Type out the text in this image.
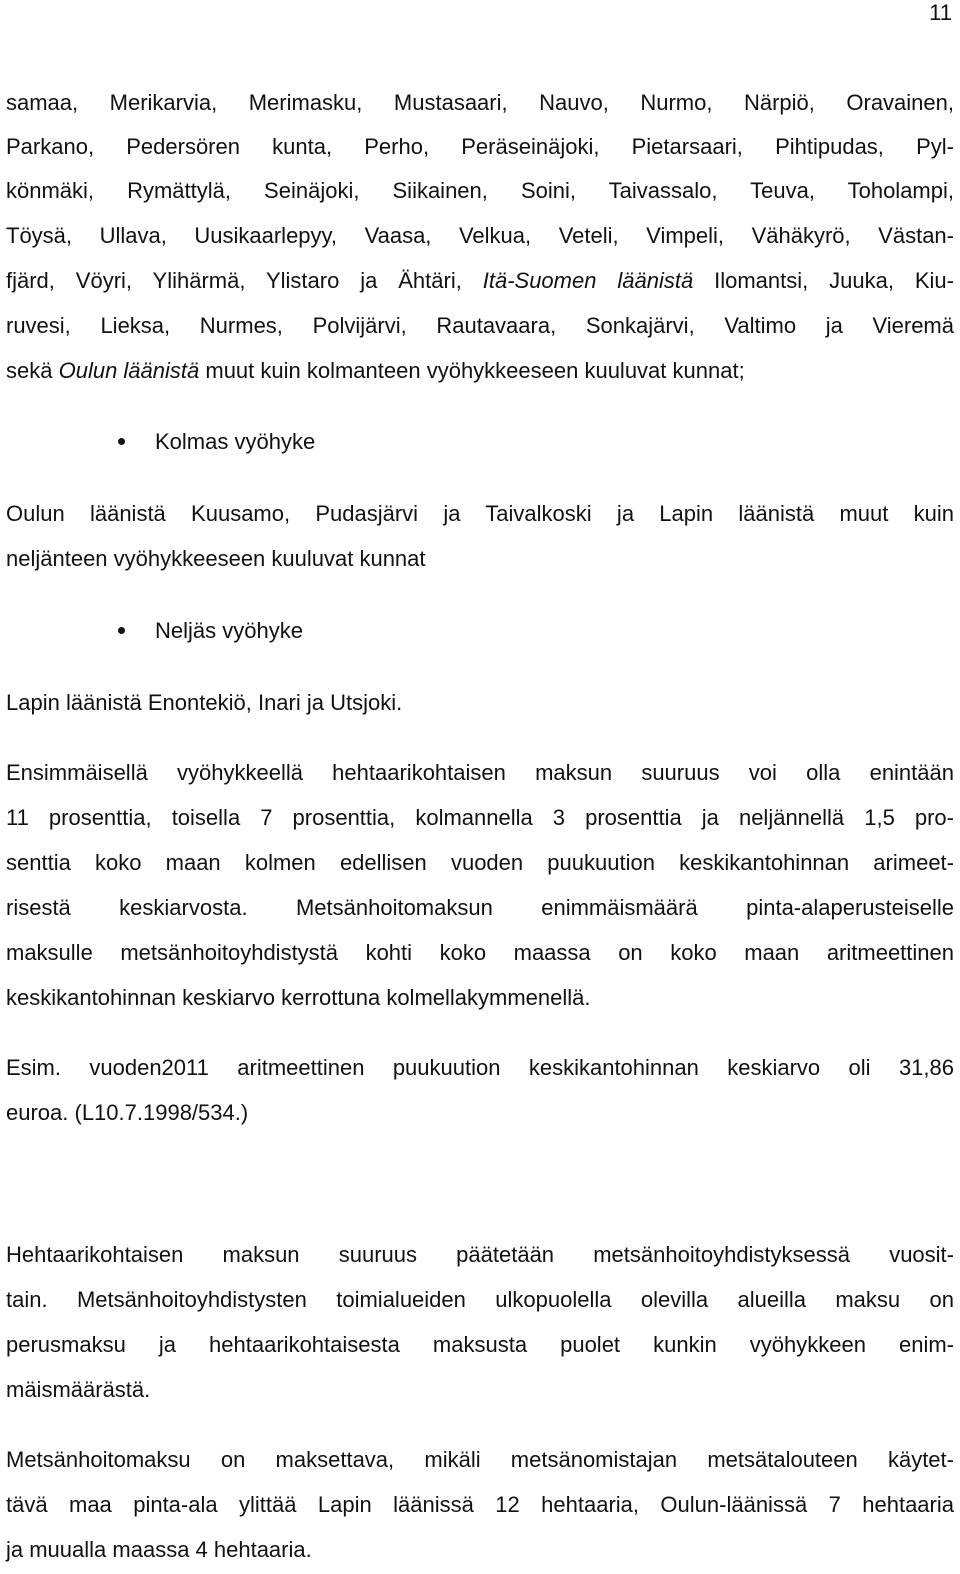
11
samaa, Merikarvia, Merimasku, Mustasaari, Nauvo, Nurmo, Närpiö, Oravainen,
Parkano, Pedersören kunta, Perho, Peräseinäjoki, Pietarsaari, Pihtipudas, Pyl-
könmäki, Rymättylä, Seinäjoki, Siikainen, Soini, Taivassalo, Teuva, Toholampi,
Töysä, Ullava, Uusikaarlepyy, Vaasa, Velkua, Veteli, Vimpeli, Vähäkyrö, Västan-
fjärd, Vöyri, Ylihärmä, Ylistaro ja Ähtäri, Itä-Suomen läänistä Ilomantsi, Juuka, Kiu-
ruvesi, Lieksa, Nurmes, Polvijärvi, Rautavaara, Sonkajärvi, Valtimo ja Vieremä
sekä Oulun läänistä muut kuin kolmanteen vyöhykkeeseen kuuluvat kunnat;
Kolmas vyöhyke
Oulun läänistä Kuusamo, Pudasjärvi ja Taivalkoski ja Lapin läänistä muut kuin
neljänteen vyöhykkeeseen kuuluvat kunnat
Neljäs vyöhyke
Lapin läänistä Enontekiö, Inari ja Utsjoki.
Ensimmäisellä vyöhykkeellä hehtaarikohtaisen maksun suuruus voi olla enintään
11 prosenttia, toisella 7 prosenttia, kolmannella 3 prosenttia ja neljännellä 1,5 pro-
senttia koko maan kolmen edellisen vuoden puukuution keskikantohinnan arimeet-
risestä keskiarvosta. Metsänhoitomaksun enimmäismäärä pinta-alaperusteiselle
maksulle metsänhoitoyhdistystä kohti koko maassa on koko maan aritmeettinen
keskikantohinnan keskiarvo kerrottuna kolmellakymmenellä.
Esim. vuoden2011 aritmeettinen puukuution keskikantohinnan keskiarvo oli 31,86
euroa. (L10.7.1998/534.)
Hehtaarikohtaisen maksun suuruus päätetään metsänhoitoyhdistyksessä vuosit-
tain. Metsänhoitoyhdistysten toimialueiden ulkopuolella olevilla alueilla maksu on
perusmaksu ja hehtaarikohtaisesta maksusta puolet kunkin vyöhykkeen enim-
mäismäärästä.
Metsänhoitomaksu on maksettava, mikäli metsänomistajan metsätalouteen käytet-
tävä maa pinta-ala ylittää Lapin läänissä 12 hehtaaria, Oulun-läänissä 7 hehtaaria
ja muualla maassa 4 hehtaaria.
